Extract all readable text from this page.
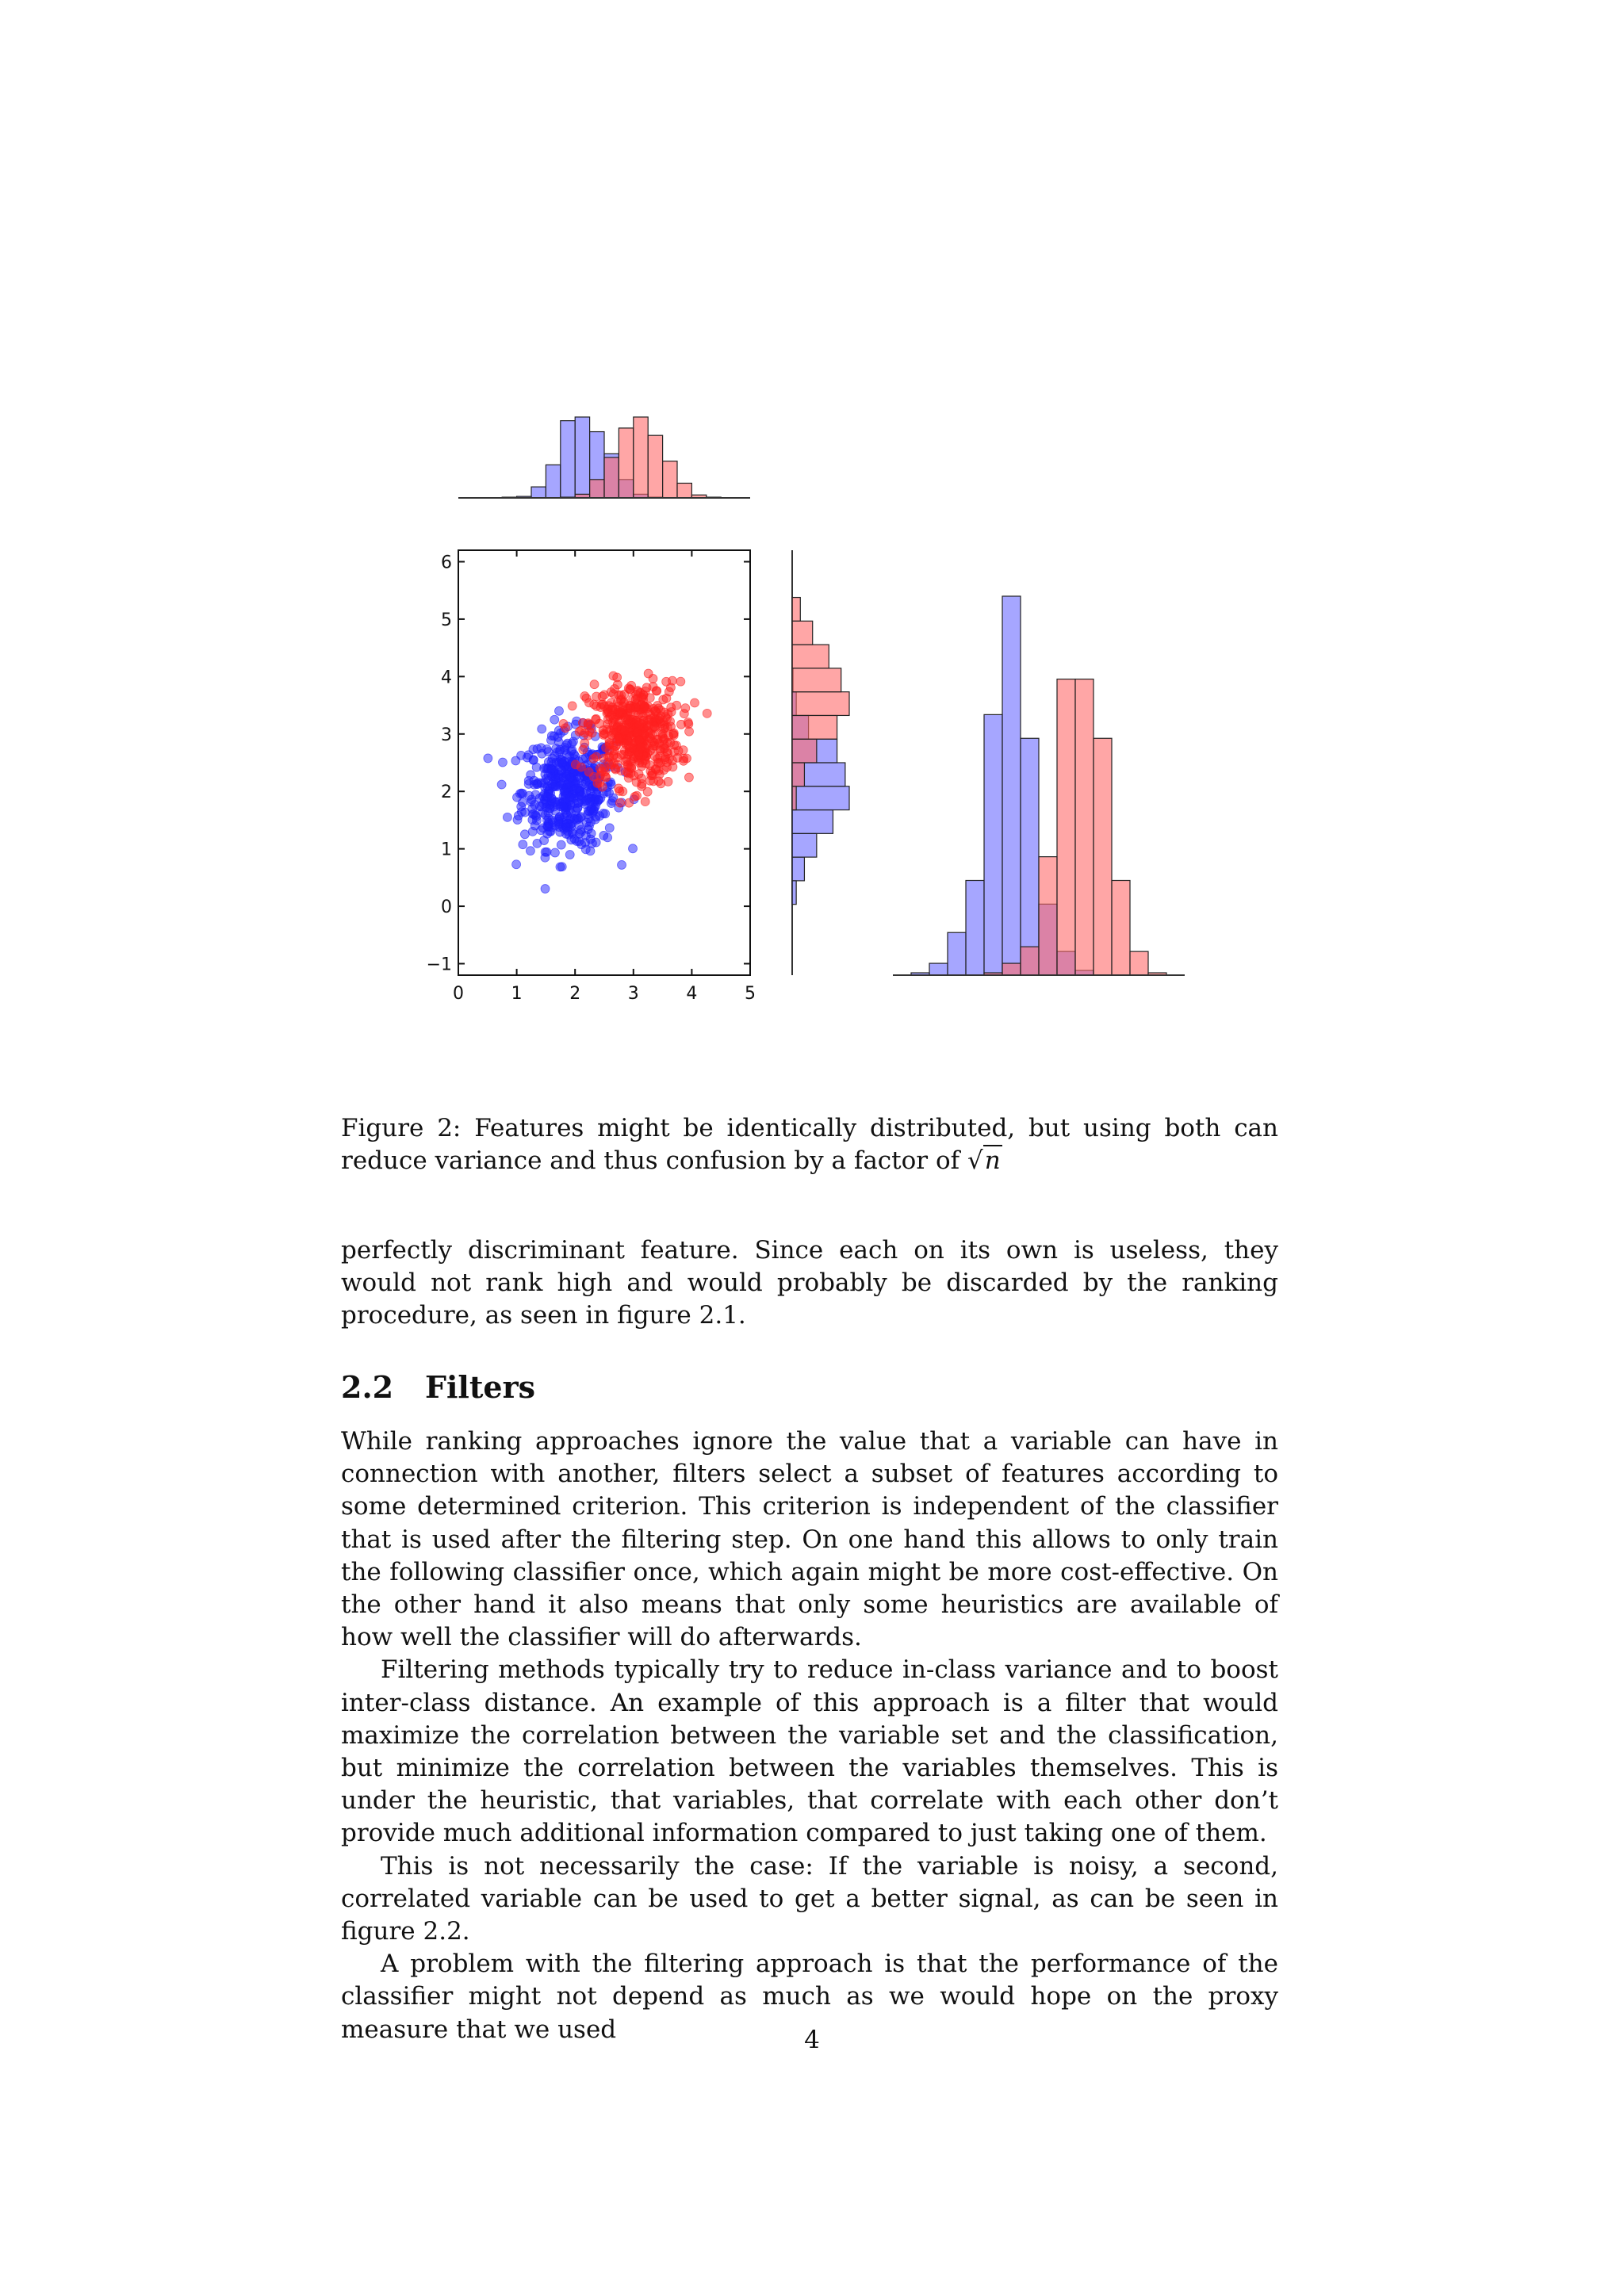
0	1	2	3	4	5
−1
0
1
2
3
4
5
6
Figure 2: Features might be identically distributed, but using both can reduce variance and thus confusion by a factor of √n

perfectly discriminant feature. Since each on its own is useless, they would not rank high and would probably be discarded by the ranking procedure, as seen in figure 2.1.

2.2 Filters

While ranking approaches ignore the value that a variable can have in connection with another, filters select a subset of features according to some determined criterion. This criterion is independent of the classifier that is used after the filtering step. On one hand this allows to only train the following classifier once, which again might be more cost-effective. On the other hand it also means that only some heuristics are available of how well the classifier will do afterwards.

Filtering methods typically try to reduce in-class variance and to boost inter-class distance. An example of this approach is a filter that would maximize the correlation between the variable set and the classification, but minimize the correlation between the variables themselves. This is under the heuristic, that variables, that correlate with each other don’t provide much additional information compared to just taking one of them.

This is not necessarily the case: If the variable is noisy, a second, correlated variable can be used to get a better signal, as can be seen in figure 2.2.

A problem with the filtering approach is that the performance of the classifier might not depend as much as we would hope on the proxy measure that we used	4
